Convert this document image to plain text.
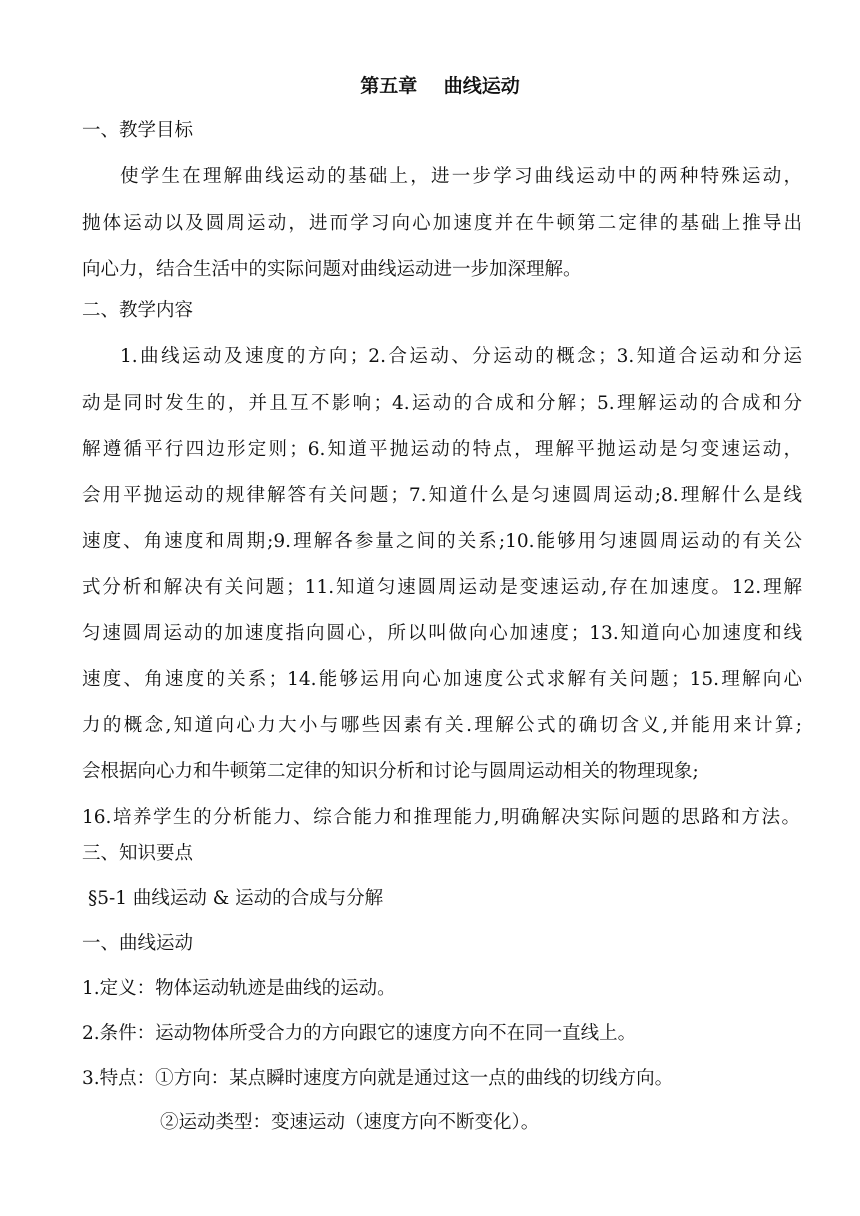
第五章    曲线运动
一、教学目标
使学生在理解曲线运动的基础上，进一步学习曲线运动中的两种特殊运动，
抛体运动以及圆周运动，进而学习向心加速度并在牛顿第二定律的基础上推导出
向心力，结合生活中的实际问题对曲线运动进一步加深理解。
二、教学内容
1.曲线运动及速度的方向；2.合运动、分运动的概念；3.知道合运动和分运
动是同时发生的，并且互不影响；4.运动的合成和分解；5.理解运动的合成和分
解遵循平行四边形定则；6.知道平抛运动的特点，理解平抛运动是匀变速运动，
会用平抛运动的规律解答有关问题；7.知道什么是匀速圆周运动;8.理解什么是线
速度、角速度和周期;9.理解各参量之间的关系;10.能够用匀速圆周运动的有关公
式分析和解决有关问题；11.知道匀速圆周运动是变速运动,存在加速度。12.理解
匀速圆周运动的加速度指向圆心，所以叫做向心加速度；13.知道向心加速度和线
速度、角速度的关系；14.能够运用向心加速度公式求解有关问题；15.理解向心
力的概念,知道向心力大小与哪些因素有关.理解公式的确切含义,并能用来计算;
会根据向心力和牛顿第二定律的知识分析和讨论与圆周运动相关的物理现象;
16.培养学生的分析能力、综合能力和推理能力,明确解决实际问题的思路和方法。
三、知识要点
§5-1 曲线运动 & 运动的合成与分解
一、曲线运动
1.定义：物体运动轨迹是曲线的运动。
2.条件：运动物体所受合力的方向跟它的速度方向不在同一直线上。
3.特点：①方向：某点瞬时速度方向就是通过这一点的曲线的切线方向。
②运动类型：变速运动（速度方向不断变化）。
